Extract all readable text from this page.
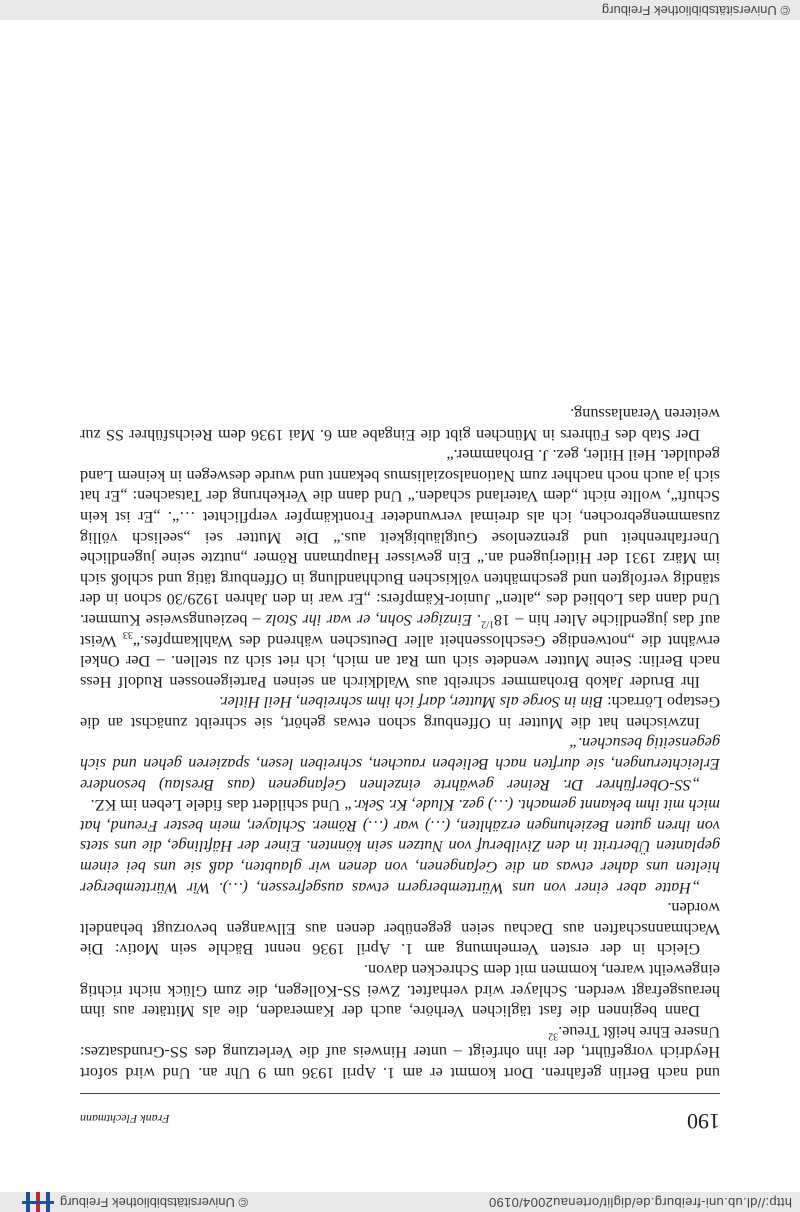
http://dl.ub.uni-freiburg.de/diglit/ortenau2004/0190
© Universitätsbibliothek Freiburg
190
Frank Flechtmann

und nach Berlin gefahren. Dort kommt er am 1. April 1936 um 9 Uhr an. Und wird sofort Heydrich vorgeführt, der ihn ohrfeigt – unter Hinweis auf die Verletzung des SS-Grundsatzes: Unsere Ehre heißt Treue.$^{32}$

Dann beginnen die fast täglichen Verhöre, auch der Kameraden, die als Mittäter aus ihm herausgefragt werden. Schlayer wird verhaftet. Zwei SS-Kollegen, die zum Glück nicht richtig eingeweiht waren, kommen mit dem Schrecken davon.

Gleich in der ersten Vernehmung am 1. April 1936 nennt Bächle sein Motiv: Die Wachmannschaften aus Dachau seien gegenüber denen aus Ellwangen bevorzugt behandelt worden.

„Hatte aber einer von uns Württembergern etwas ausgefressen, (…). Wir Württemberger hielten uns daher etwas an die Gefangenen, von denen wir glaubten, daß sie uns bei einem geplanten Übertritt in den Zivilberuf von Nutzen sein könnten. Einer der Häftlinge, die uns stets von ihren guten Beziehungen erzählten, (…) war (…) Römer. Schlayer, mein bester Freund, hat mich mit ihm bekannt gemacht. (…) gez. Klude, Kr. Sekr.“ Und schildert das fidele Leben im KZ.

„SS-Oberführer Dr. Reiner gewährte einzelnen Gefangenen (aus Breslau) besondere Erleichterungen, sie durften nach Belieben rauchen, schreiben lesen, spazieren gehen und sich gegenseitig besuchen.“

Inzwischen hat die Mutter in Offenburg schon etwas gehört, sie schreibt zunächst an die Gestapo Lörrach: Bin in Sorge als Mutter, darf ich ihm schreiben, Heil Hitler.

Ihr Bruder Jakob Brohammer schreibt aus Waldkirch an seinen Parteigenossen Rudolf Hess nach Berlin: Seine Mutter wendete sich um Rat an mich, ich riet sich zu stellen. – Der Onkel erwähnt die „notwendige Geschlossenheit aller Deutschen während des $Wahlkampfes.“_{33}$ Weist auf das jugendliche Alter hin – $18^{1/2}$. Einziger Sohn, er war ihr Stolz – bezieungsweise Kummer. Und dann das Loblied des „alten“ Junior-Kämpfers: „Er war in den Jahren 1929/30 schon in der ständig verfolgten und geschmähten völkischen Buchhandlung in Offenburg tätig und schloß sich im März 1931 der Hitlerjugend an.“ Ein gewisser Hauptmann Römer „nutzte seine jugendliche Unerfahrenheit und grenzenlose Gutgläubigkeit aus.“ Die Mutter sei „seelisch völlig zusammengebrochen, ich als dreimal verwundeter Frontkämpfer verpflichtet …“. „Er ist kein Schuft“, wollte nicht „dem Vaterland schaden.“ Und dann die Verkehrung der Tatsachen: „Er hat sich ja auch noch nachher zum Nationalsozialismus bekannt und wurde deswegen in keinem Land geduldet. Heil Hitler, gez. J. Brohammer.“

Der Stab des Führers in München gibt die Eingabe am 6. Mai 1936 dem Reichsführer SS zur weiteren Veranlassung.

© Universitätsbibliothek Freiburg
